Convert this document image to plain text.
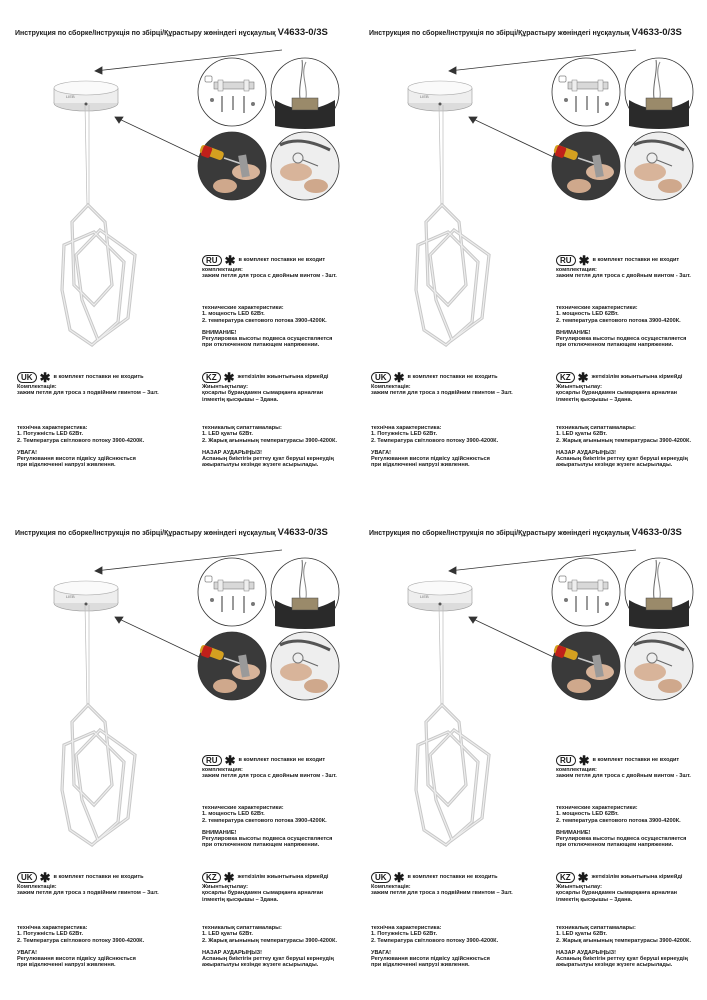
Инструкция по сборке/Інструкція по збірці/Құрастыру жөніндегі нұсқаулық V4633-0/3S
LIЕB
RU ✱ в комплект поставки не входит
комплектация:
зажим петля для троса с двойным винтом - 3шт.
технические характеристики:
1. мощность LED 62Вт.
2. температура светового потока 3900-4200К.
ВНИМАНИЕ!
Регулировка высоты подвеса осуществляется
при отключенном питающем напряжении.
UK ✱ в комплект поставки не входить
Комплектація:
зажим петля для троса з подвійним гвинтом – 3шт.
технічна характеристика:
1. Потужність LED 62Вт.
2. Температура світлового потоку 3900-4200К.
УВАГА!
Регулювання висоти підвісу здійснюється
при відключенні напрузі живлення.
KZ ✱ жеткізілім жиынтығына кірмейді
Жиынтықтылау:
қосарлы бұрандамен сымарқанға арналған
ілмектің қысқышы – 3дана.
техникалық сипаттамалары:
1. LED қуаты 62Вт.
2. Жарық ағынының температурасы 3900-4200К.
НАЗАР АУДАРЫҢЫЗ!
Аспаның биіктігін реттеу қуат беруші кернеудің
ажыратылуы кезінде жүзеге асырылады.
Инструкция по сборке/Інструкція по збірці/Құрастыру жөніндегі нұсқаулық V4633-0/3S
LIЕB
RU ✱ в комплект поставки не входит
комплектация:
зажим петля для троса с двойным винтом - 3шт.
технические характеристики:
1. мощность LED 62Вт.
2. температура светового потока 3900-4200К.
ВНИМАНИЕ!
Регулировка высоты подвеса осуществляется
при отключенном питающем напряжении.
UK ✱ в комплект поставки не входить
Комплектація:
зажим петля для троса з подвійним гвинтом – 3шт.
технічна характеристика:
1. Потужність LED 62Вт.
2. Температура світлового потоку 3900-4200К.
УВАГА!
Регулювання висоти підвісу здійснюється
при відключенні напрузі живлення.
KZ ✱ жеткізілім жиынтығына кірмейді
Жиынтықтылау:
қосарлы бұрандамен сымарқанға арналған
ілмектің қысқышы – 3дана.
техникалық сипаттамалары:
1. LED қуаты 62Вт.
2. Жарық ағынының температурасы 3900-4200К.
НАЗАР АУДАРЫҢЫЗ!
Аспаның биіктігін реттеу қуат беруші кернеудің
ажыратылуы кезінде жүзеге асырылады.
Инструкция по сборке/Інструкція по збірці/Құрастыру жөніндегі нұсқаулық V4633-0/3S
LIЕB
RU ✱ в комплект поставки не входит
комплектация:
зажим петля для троса с двойным винтом - 3шт.
технические характеристики:
1. мощность LED 62Вт.
2. температура светового потока 3900-4200К.
ВНИМАНИЕ!
Регулировка высоты подвеса осуществляется
при отключенном питающем напряжении.
UK ✱ в комплект поставки не входить
Комплектація:
зажим петля для троса з подвійним гвинтом – 3шт.
технічна характеристика:
1. Потужність LED 62Вт.
2. Температура світлового потоку 3900-4200К.
УВАГА!
Регулювання висоти підвісу здійснюється
при відключенні напрузі живлення.
KZ ✱ жеткізілім жиынтығына кірмейді
Жиынтықтылау:
қосарлы бұрандамен сымарқанға арналған
ілмектің қысқышы – 3дана.
техникалық сипаттамалары:
1. LED қуаты 62Вт.
2. Жарық ағынының температурасы 3900-4200К.
НАЗАР АУДАРЫҢЫЗ!
Аспаның биіктігін реттеу қуат беруші кернеудің
ажыратылуы кезінде жүзеге асырылады.
Инструкция по сборке/Інструкція по збірці/Құрастыру жөніндегі нұсқаулық V4633-0/3S
LIЕB
RU ✱ в комплект поставки не входит
комплектация:
зажим петля для троса с двойным винтом - 3шт.
технические характеристики:
1. мощность LED 62Вт.
2. температура светового потока 3900-4200К.
ВНИМАНИЕ!
Регулировка высоты подвеса осуществляется
при отключенном питающем напряжении.
UK ✱ в комплект поставки не входить
Комплектація:
зажим петля для троса з подвійним гвинтом – 3шт.
технічна характеристика:
1. Потужність LED 62Вт.
2. Температура світлового потоку 3900-4200К.
УВАГА!
Регулювання висоти підвісу здійснюється
при відключенні напрузі живлення.
KZ ✱ жеткізілім жиынтығына кірмейді
Жиынтықтылау:
қосарлы бұрандамен сымарқанға арналған
ілмектің қысқышы – 3дана.
техникалық сипаттамалары:
1. LED қуаты 62Вт.
2. Жарық ағынының температурасы 3900-4200К.
НАЗАР АУДАРЫҢЫЗ!
Аспаның биіктігін реттеу қуат беруші кернеудің
ажыратылуы кезінде жүзеге асырылады.
